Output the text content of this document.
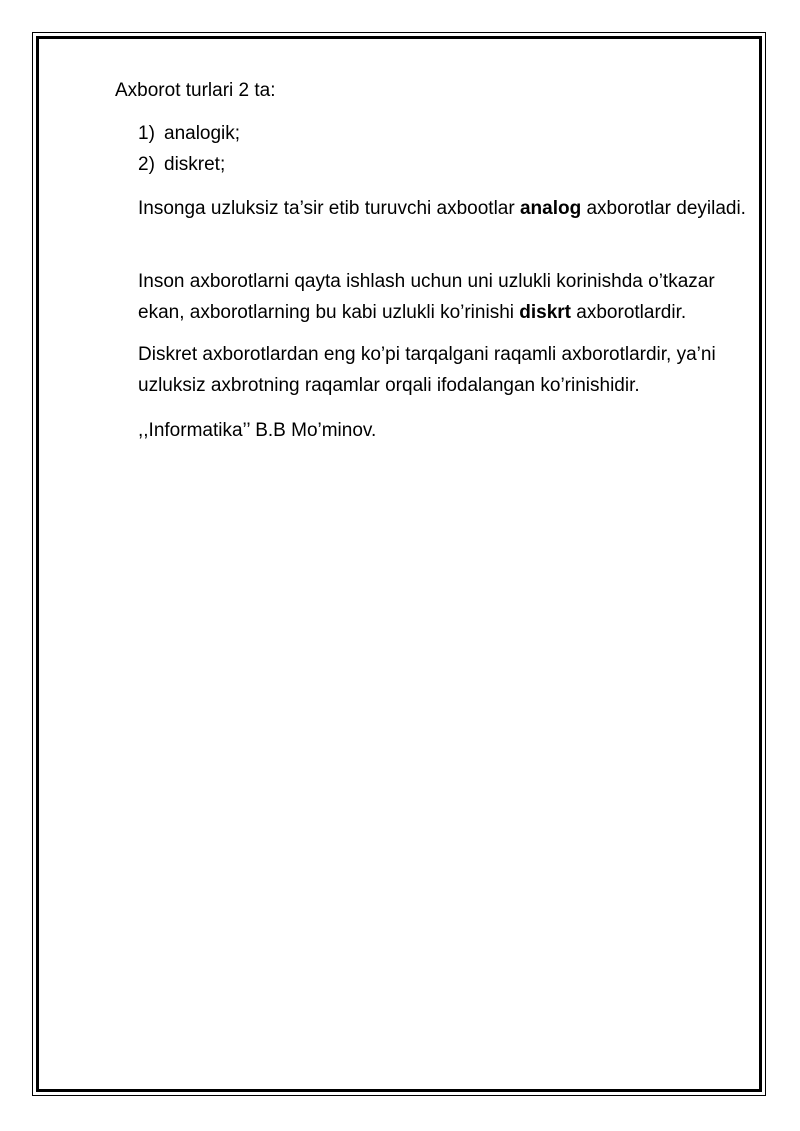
Axborot turlari 2 ta:

1) analogik;
2) diskret;

Insonga uzluksiz ta’sir etib turuvchi axbootlar analog axborotlar deyiladi.

Inson axborotlarni qayta ishlash uchun uni uzlukli korinishda o’tkazar ekan, axborotlarning bu kabi uzlukli ko’rinishi diskrt axborotlardir.

Diskret axborotlardan eng ko’pi tarqalgani raqamli axborotlardir, ya’ni uzluksiz axbrotning raqamlar orqali ifodalangan ko’rinishidir.

,,Informatika’’ B.B Mo’minov.
